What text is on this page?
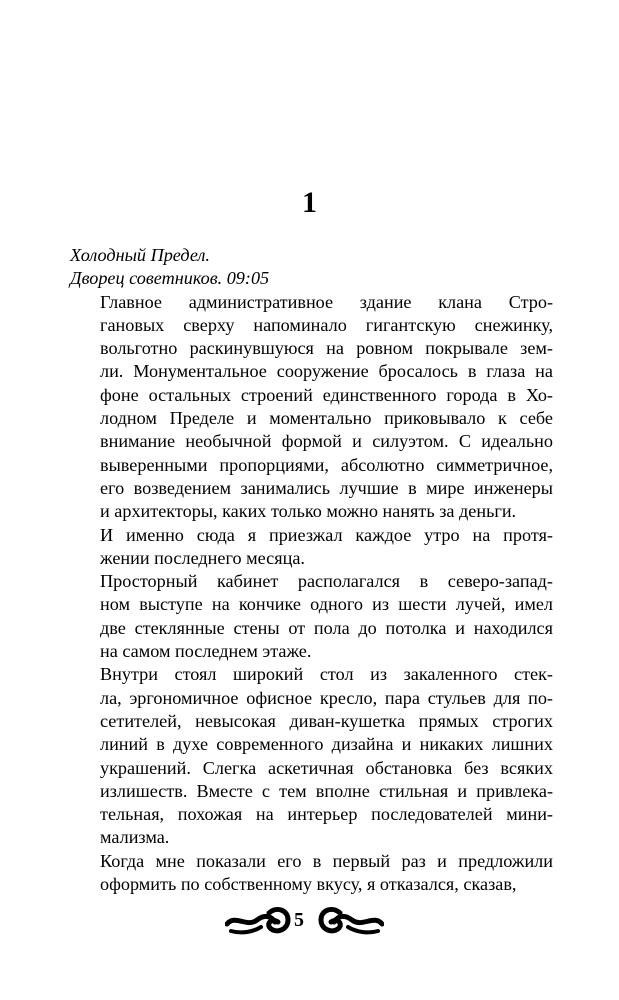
1

Холодный Предел.

Дворец советников. 09:05

Главное административное здание клана Стро-
гановых сверху напоминало гигантскую снежинку,
вольготно раскинувшуюся на ровном покрывале зем-
ли. Монументальное сооружение бросалось в глаза на
фоне остальных строений единственного города в Хо-
лодном Пределе и моментально приковывало к себе
внимание необычной формой и силуэтом. С идеально
выверенными пропорциями, абсолютно симметричное,
его возведением занимались лучшие в мире инженеры
и архитекторы, каких только можно нанять за деньги.

И именно сюда я приезжал каждое утро на протя-
жении последнего месяца.

Просторный кабинет располагался в северо-запад-
ном выступе на кончике одного из шести лучей, имел
две стеклянные стены от пола до потолка и находился
на самом последнем этаже.

Внутри стоял широкий стол из закаленного стек-
ла, эргономичное офисное кресло, пара стульев для по-
сетителей, невысокая диван-кушетка прямых строгих
линий в духе современного дизайна и никаких лишних
украшений. Слегка аскетичная обстановка без всяких
излишеств. Вместе с тем вполне стильная и привлека-
тельная, похожая на интерьер последователей мини-
мализма.

Когда мне показали его в первый раз и предложили
оформить по собственному вкусу, я отказался, сказав,

5
